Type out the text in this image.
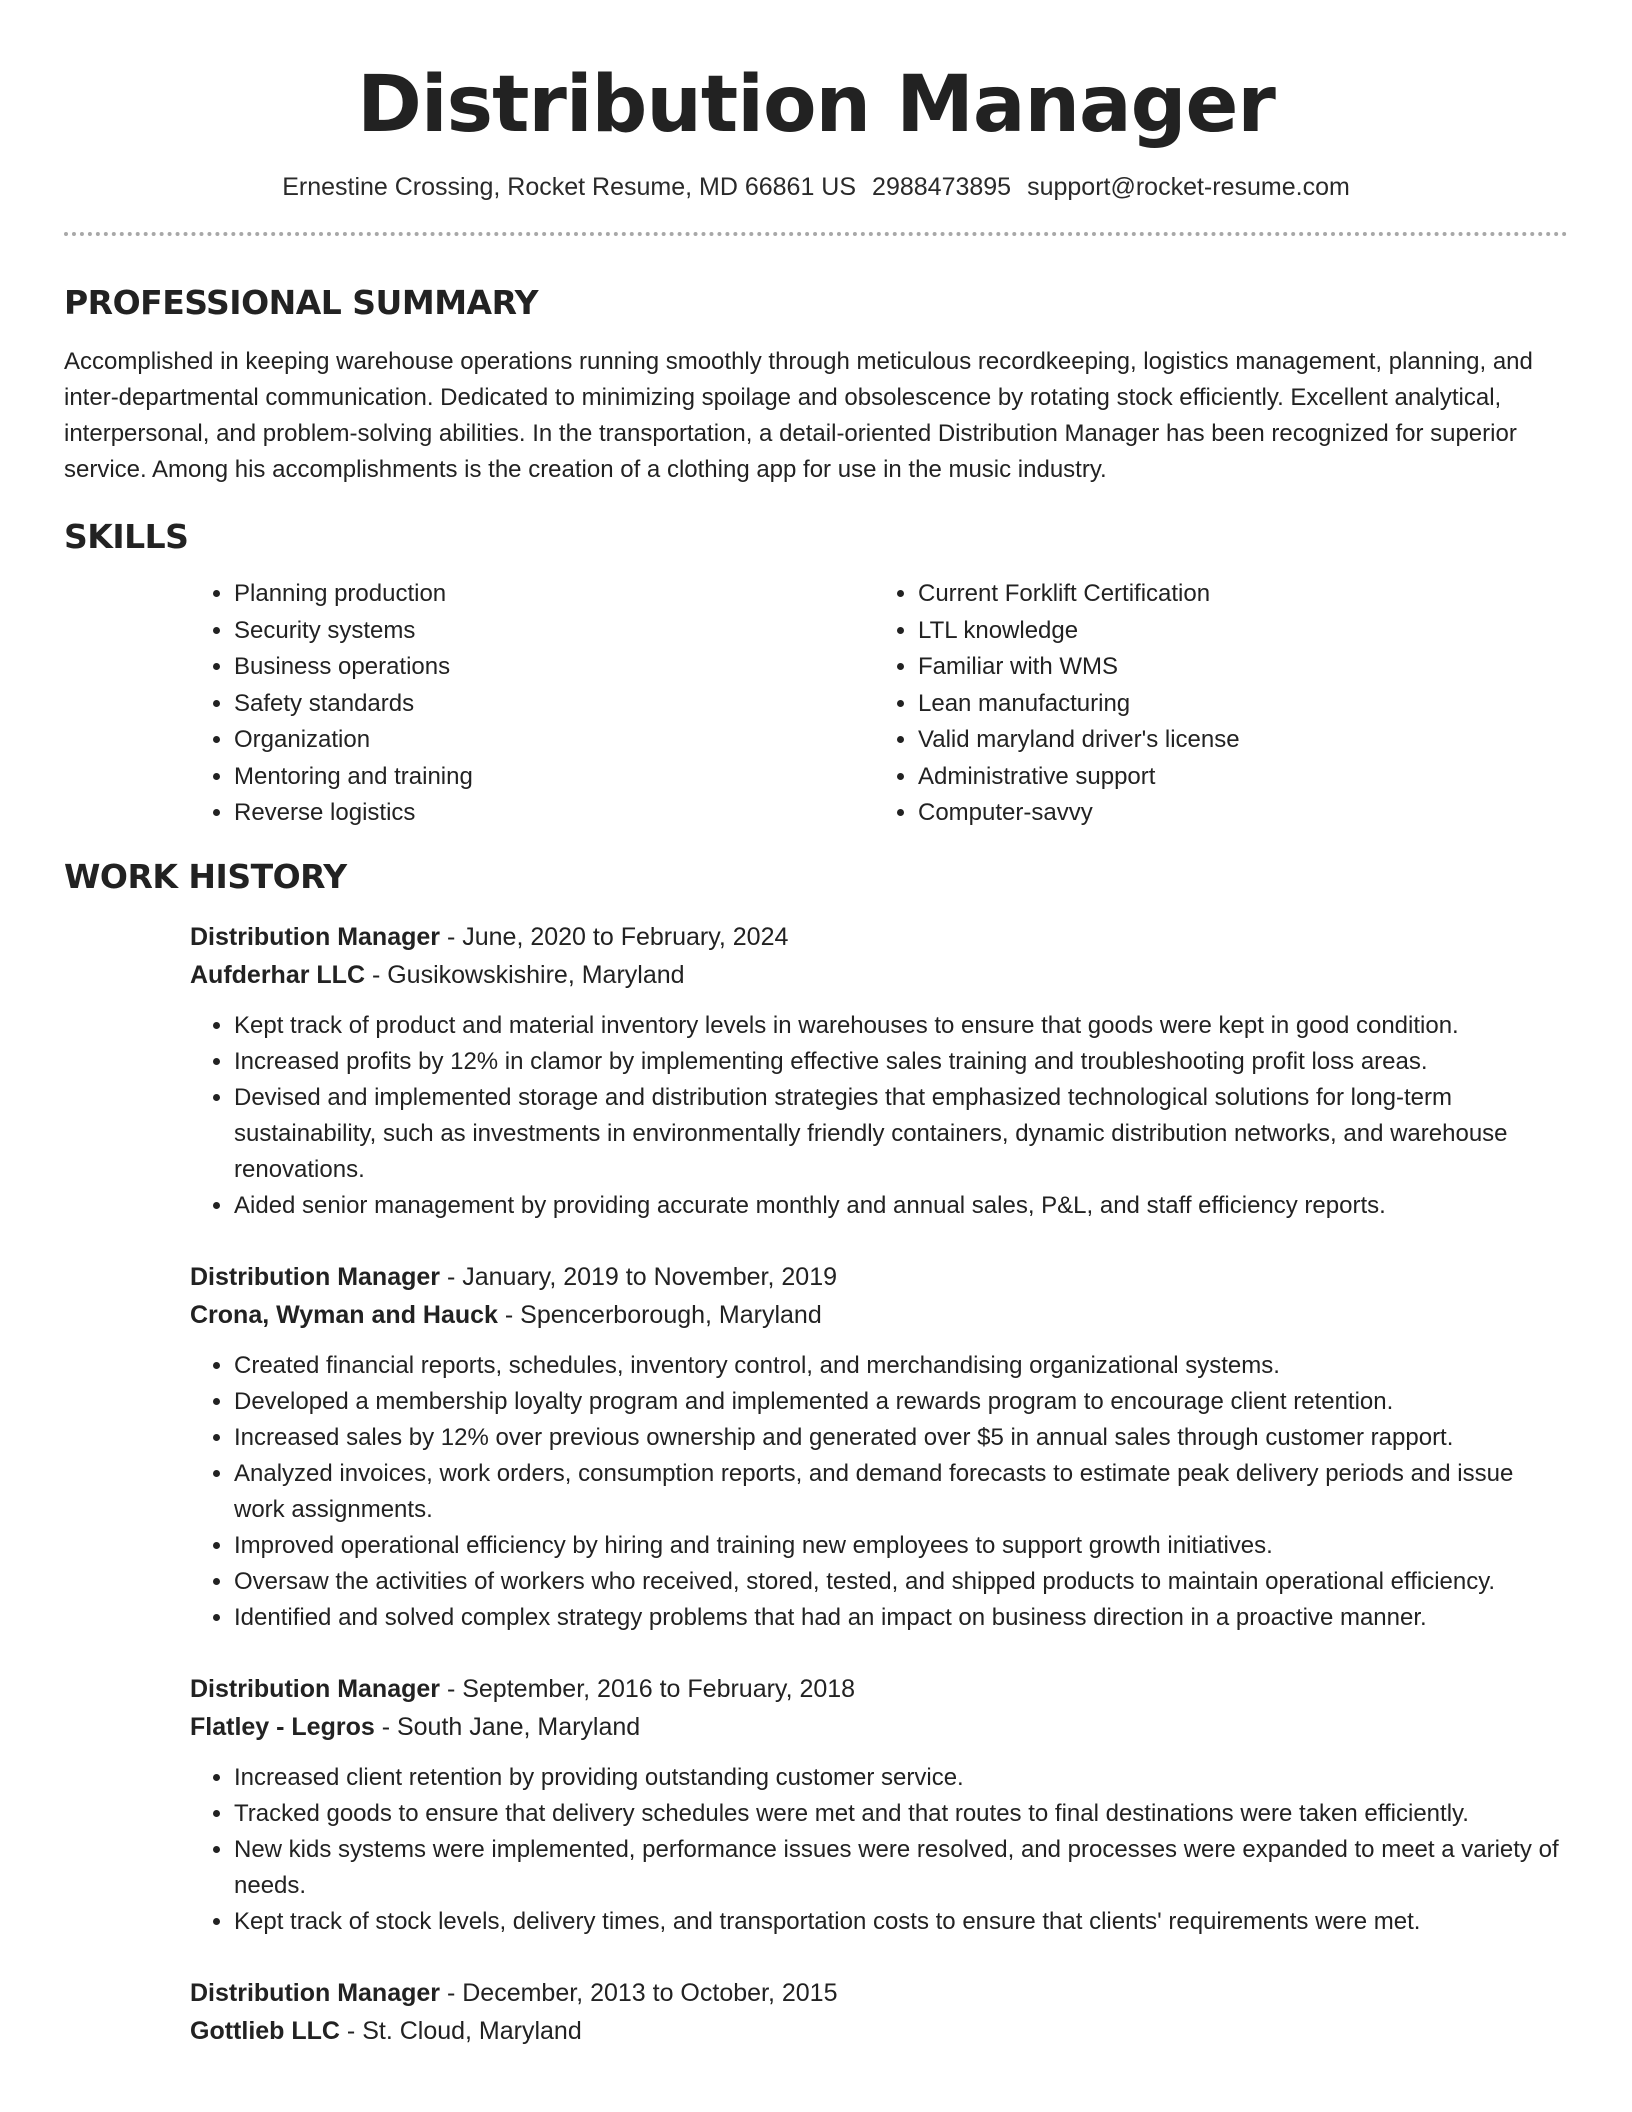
Distribution Manager
Ernestine Crossing, Rocket Resume, MD 66861 US 2988473895 support@rocket-resume.com
PROFESSIONAL SUMMARY

Accomplished in keeping warehouse operations running smoothly through meticulous recordkeeping, logistics management, planning, and inter-departmental communication. Dedicated to minimizing spoilage and obsolescence by rotating stock efficiently. Excellent analytical, interpersonal, and problem-solving abilities. In the transportation, a detail-oriented Distribution Manager has been recognized for superior service. Among his accomplishments is the creation of a clothing app for use in the music industry.

SKILLS
• Planning production
• Security systems
• Business operations
• Safety standards
• Organization
• Mentoring and training
• Reverse logistics
• Current Forklift Certification
• LTL knowledge
• Familiar with WMS
• Lean manufacturing
• Valid maryland driver's license
• Administrative support
• Computer-savvy
WORK HISTORY

Distribution Manager - June, 2020 to February, 2024

Aufderhar LLC - Gusikowskishire, Maryland

• Kept track of product and material inventory levels in warehouses to ensure that goods were kept in good condition.
• Increased profits by 12% in clamor by implementing effective sales training and troubleshooting profit loss areas.
• Devised and implemented storage and distribution strategies that emphasized technological solutions for long-term sustainability, such as investments in environmentally friendly containers, dynamic distribution networks, and warehouse renovations.
• Aided senior management by providing accurate monthly and annual sales, P&L, and staff efficiency reports.

Distribution Manager - January, 2019 to November, 2019

Crona, Wyman and Hauck - Spencerborough, Maryland

• Created financial reports, schedules, inventory control, and merchandising organizational systems.
• Developed a membership loyalty program and implemented a rewards program to encourage client retention.
• Increased sales by 12% over previous ownership and generated over $5 in annual sales through customer rapport.
• Analyzed invoices, work orders, consumption reports, and demand forecasts to estimate peak delivery periods and issue work assignments.
• Improved operational efficiency by hiring and training new employees to support growth initiatives.
• Oversaw the activities of workers who received, stored, tested, and shipped products to maintain operational efficiency.
• Identified and solved complex strategy problems that had an impact on business direction in a proactive manner.

Distribution Manager - September, 2016 to February, 2018

Flatley - Legros - South Jane, Maryland

• Increased client retention by providing outstanding customer service.
• Tracked goods to ensure that delivery schedules were met and that routes to final destinations were taken efficiently.
• New kids systems were implemented, performance issues were resolved, and processes were expanded to meet a variety of needs.
• Kept track of stock levels, delivery times, and transportation costs to ensure that clients' requirements were met.

Distribution Manager - December, 2013 to October, 2015

Gottlieb LLC - St. Cloud, Maryland
